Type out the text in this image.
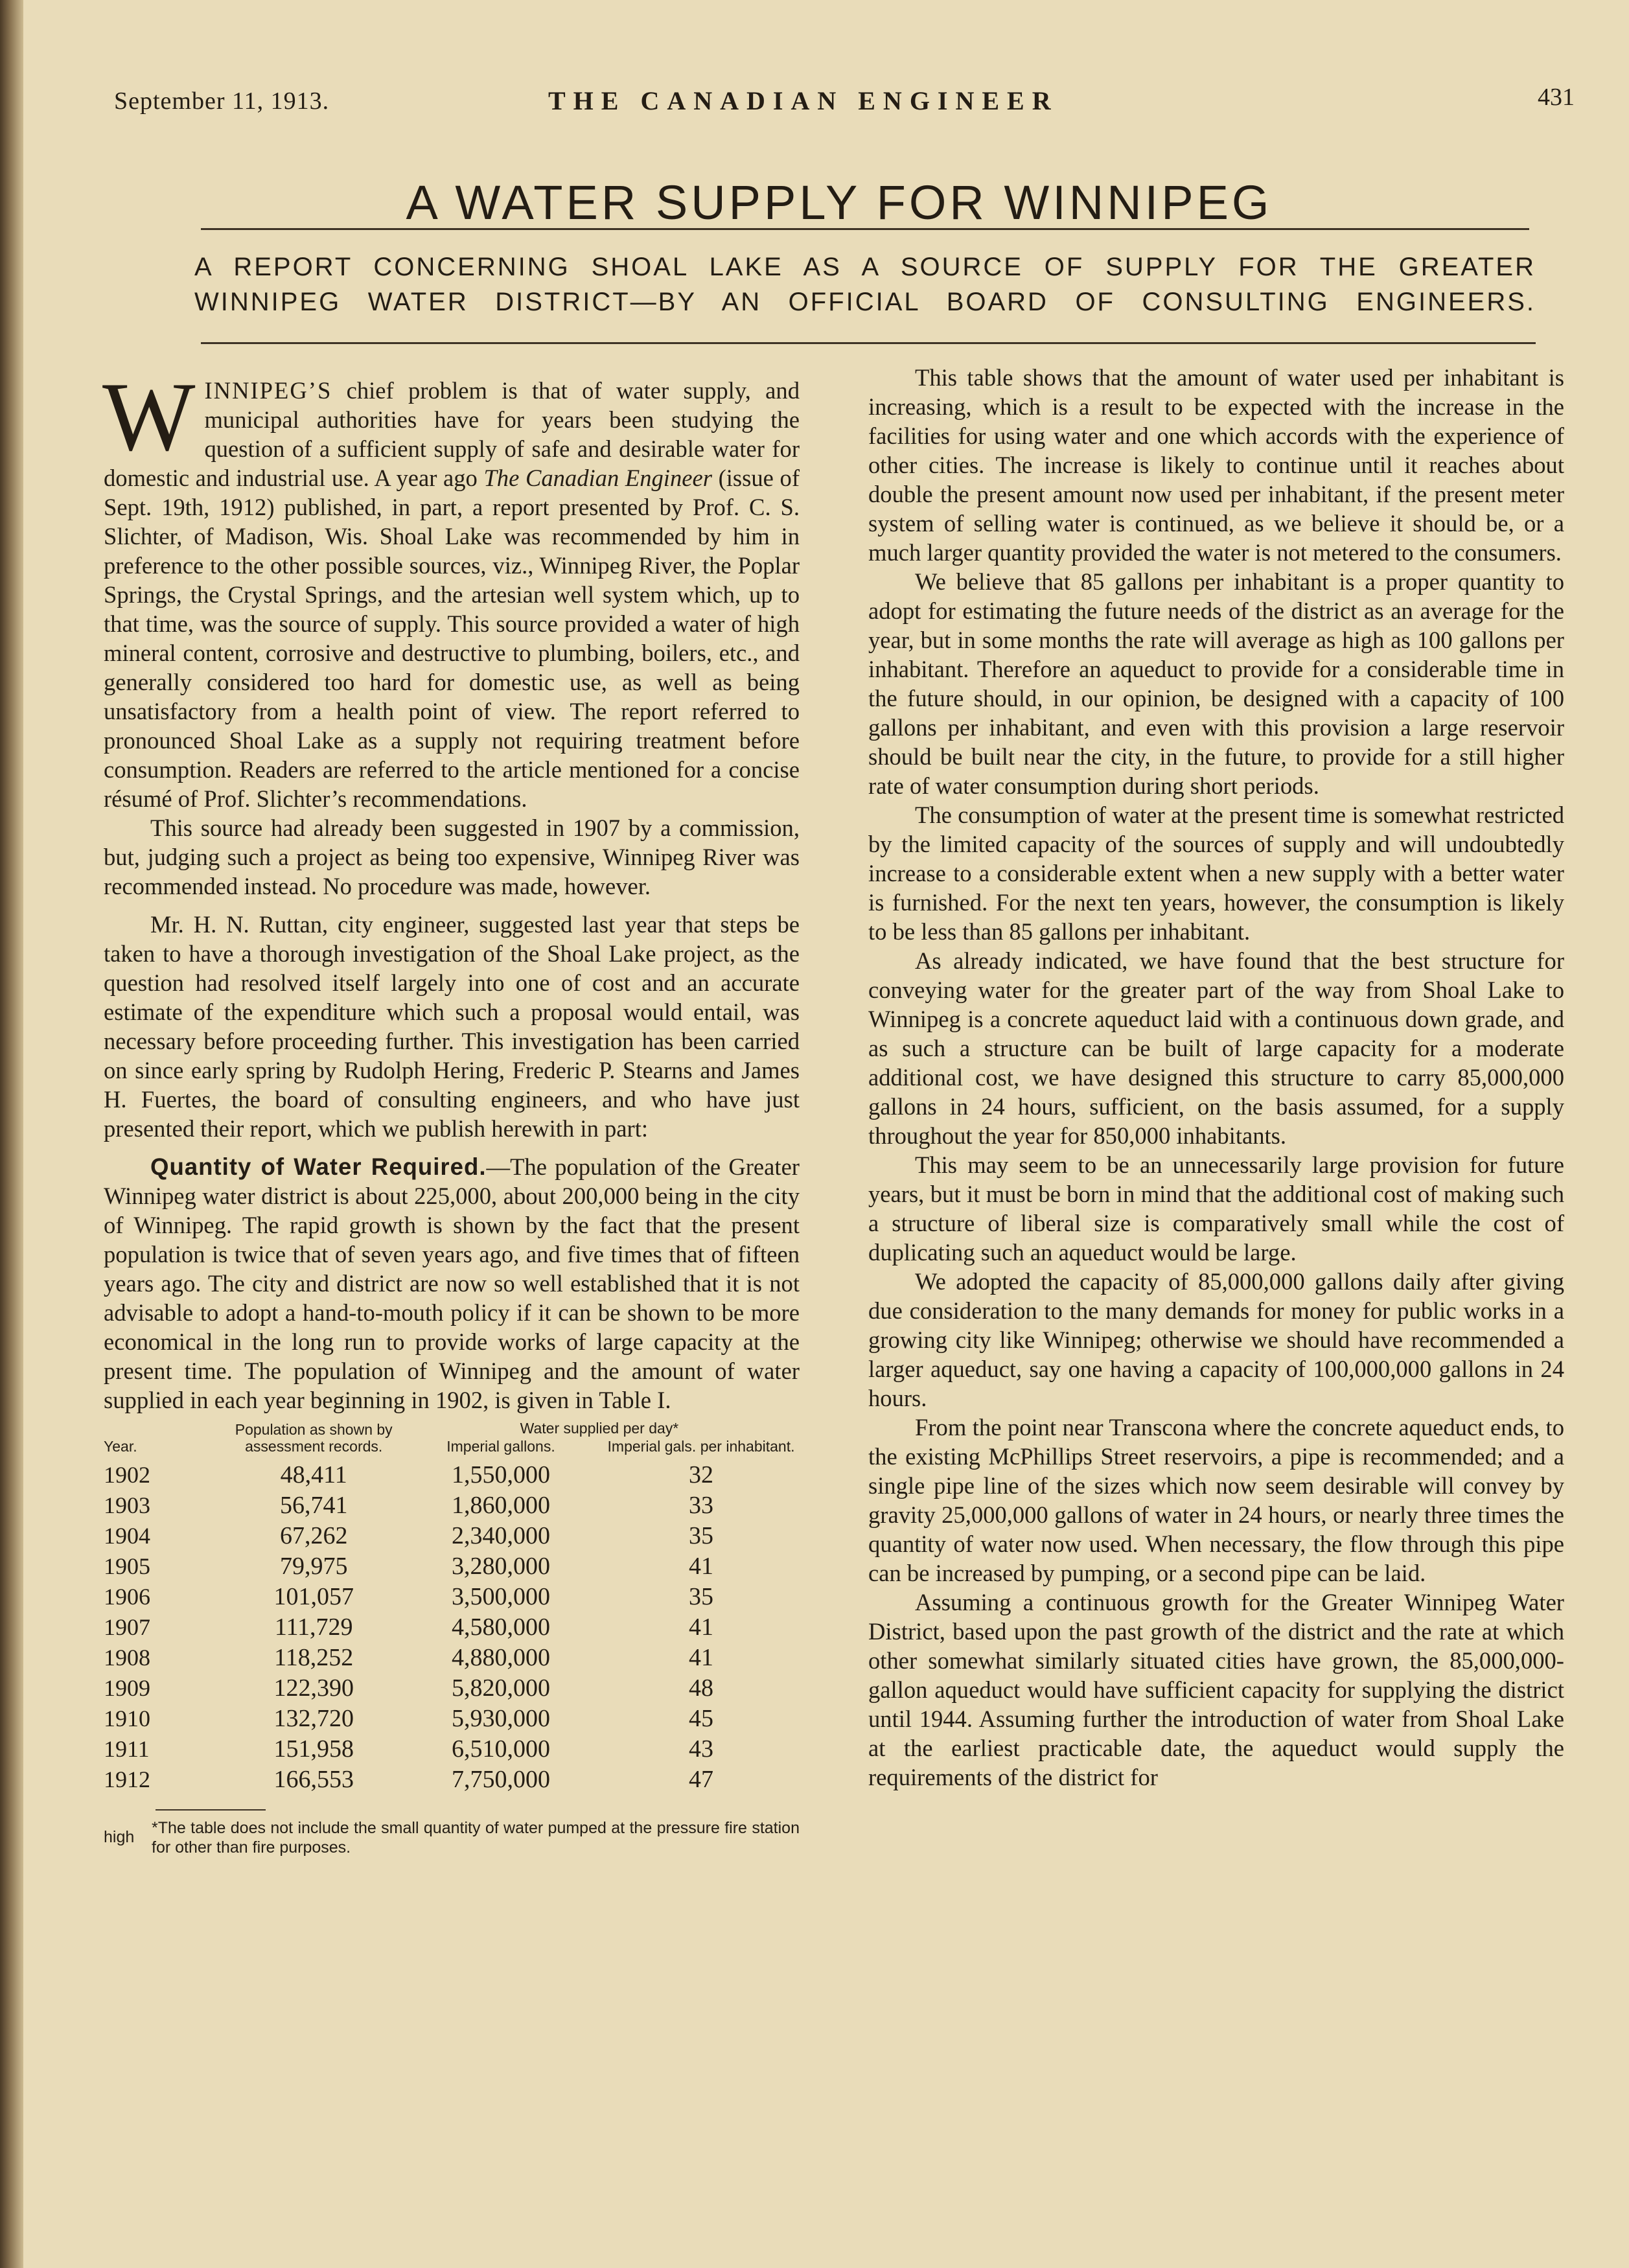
September 11, 1913.	THE CANADIAN ENGINEER	431
A WATER SUPPLY FOR WINNIPEG
A REPORT CONCERNING SHOAL LAKE AS A SOURCE OF SUPPLY FOR THE GREATER
WINNIPEG WATER DISTRICT—BY AN OFFICIAL BOARD OF CONSULTING ENGINEERS.

WINNIPEG’S chief problem is that of water supply, and municipal authorities have for years been studying the question of a sufficient supply of safe and desirable water for domestic and industrial use. A year ago The Canadian Engineer (issue of Sept. 19th, 1912) published, in part, a report presented by Prof. C. S. Slichter, of Madison, Wis. Shoal Lake was recommended by him in preference to the other possible sources, viz., Winnipeg River, the Poplar Springs, the Crystal Springs, and the artesian well system which, up to that time, was the source of supply. This source provided a water of high mineral content, corrosive and destructive to plumbing, boilers, etc., and generally considered too hard for domestic use, as well as being unsatisfactory from a health point of view. The report referred to pronounced Shoal Lake as a supply not requiring treatment before consumption. Readers are referred to the article mentioned for a concise résumé of Prof. Slichter’s recommendations.

This source had already been suggested in 1907 by a commission, but, judging such a project as being too expensive, Winnipeg River was recommended instead. No procedure was made, however.

Mr. H. N. Ruttan, city engineer, suggested last year that steps be taken to have a thorough investigation of the Shoal Lake project, as the question had resolved itself largely into one of cost and an accurate estimate of the expenditure which such a proposal would entail, was necessary before proceeding further. This investigation has been carried on since early spring by Rudolph Hering, Frederic P. Stearns and James H. Fuertes, the board of consulting engineers, and who have just presented their report, which we publish herewith in part:

Quantity of Water Required.—The population of the Greater Winnipeg water district is about 225,000, about 200,000 being in the city of Winnipeg. The rapid growth is shown by the fact that the present population is twice that of seven years ago, and five times that of fifteen years ago. The city and district are now so well established that it is not advisable to adopt a hand-to-mouth policy if it can be shown to be more economical in the long run to provide works of large capacity at the present time. The population of Winnipeg and the amount of water supplied in each year beginning in 1902, is given in Table I.

Year.	Population as shown by assessment records.	Water supplied per day*	

		Imperial gallons.	Imperial gals. per inhabitant.

1902	48,411	1,550,000	32
1903	56,741	1,860,000	33
1904	67,262	2,340,000	35
1905	79,975	3,280,000	41
1906	101,057	3,500,000	35
1907	111,729	4,580,000	41
1908	118,252	4,880,000	41
1909	122,390	5,820,000	48
1910	132,720	5,930,000	45
1911	151,958	6,510,000	43
1912	166,553	7,750,000	47
high *The table does not include the small quantity of water pumped at the pressure fire station for other than fire purposes.

This table shows that the amount of water used per inhabitant is increasing, which is a result to be expected with the increase in the facilities for using water and one which accords with the experience of other cities. The increase is likely to continue until it reaches about double the present amount now used per inhabitant, if the present meter system of selling water is continued, as we believe it should be, or a much larger quantity provided the water is not metered to the consumers.

We believe that 85 gallons per inhabitant is a proper quantity to adopt for estimating the future needs of the district as an average for the year, but in some months the rate will average as high as 100 gallons per inhabitant. Therefore an aqueduct to provide for a considerable time in the future should, in our opinion, be designed with a capacity of 100 gallons per inhabitant, and even with this provision a large reservoir should be built near the city, in the future, to provide for a still higher rate of water consumption during short periods.

The consumption of water at the present time is somewhat restricted by the limited capacity of the sources of supply and will undoubtedly increase to a considerable extent when a new supply with a better water is furnished. For the next ten years, however, the consumption is likely to be less than 85 gallons per inhabitant.

As already indicated, we have found that the best structure for conveying water for the greater part of the way from Shoal Lake to Winnipeg is a concrete aqueduct laid with a continuous down grade, and as such a structure can be built of large capacity for a moderate additional cost, we have designed this structure to carry 85,000,000 gallons in 24 hours, sufficient, on the basis assumed, for a supply throughout the year for 850,000 inhabitants.

This may seem to be an unnecessarily large provision for future years, but it must be born in mind that the additional cost of making such a structure of liberal size is comparatively small while the cost of duplicating such an aqueduct would be large.

We adopted the capacity of 85,000,000 gallons daily after giving due consideration to the many demands for money for public works in a growing city like Winnipeg; otherwise we should have recommended a larger aqueduct, say one having a capacity of 100,000,000 gallons in 24 hours.

From the point near Transcona where the concrete aqueduct ends, to the existing McPhillips Street reservoirs, a pipe is recommended; and a single pipe line of the sizes which now seem desirable will convey by gravity 25,000,000 gallons of water in 24 hours, or nearly three times the quantity of water now used. When necessary, the flow through this pipe can be increased by pumping, or a second pipe can be laid.

Assuming a continuous growth for the Greater Winnipeg Water District, based upon the past growth of the district and the rate at which other somewhat similarly situated cities have grown, the 85,000,000-gallon aqueduct would have sufficient capacity for supplying the district until 1944. Assuming further the introduction of water from Shoal Lake at the earliest practicable date, the aqueduct would supply the requirements of the district for
